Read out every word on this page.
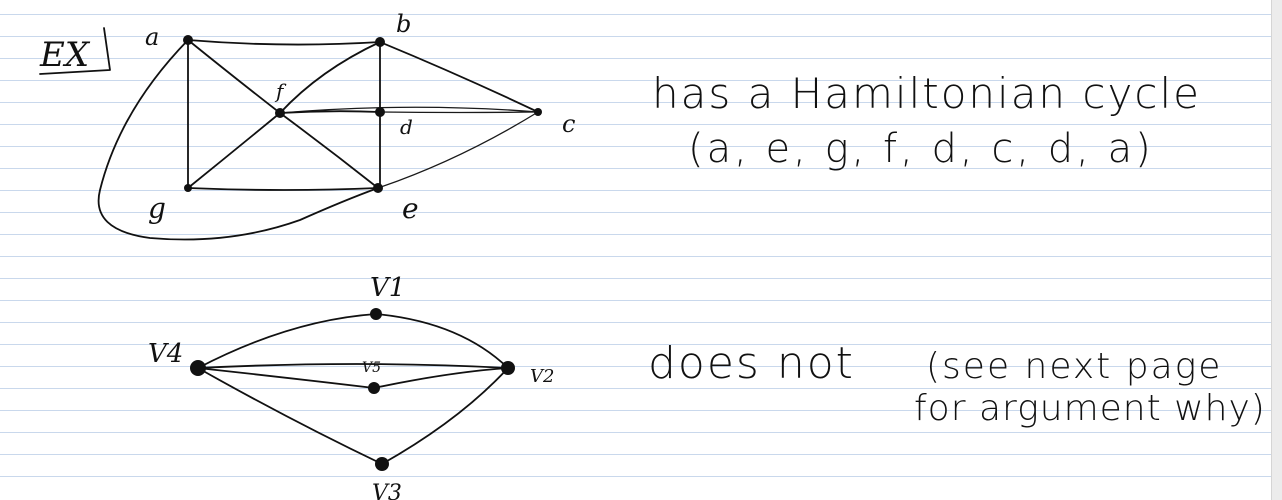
EX a	b
c
d
e
f
g
has a Hamiltonian cycle
(a, e, g, f, d, c, d, a)
V1
V2
V3
V4	V5	does not (see next page
for argument why)
